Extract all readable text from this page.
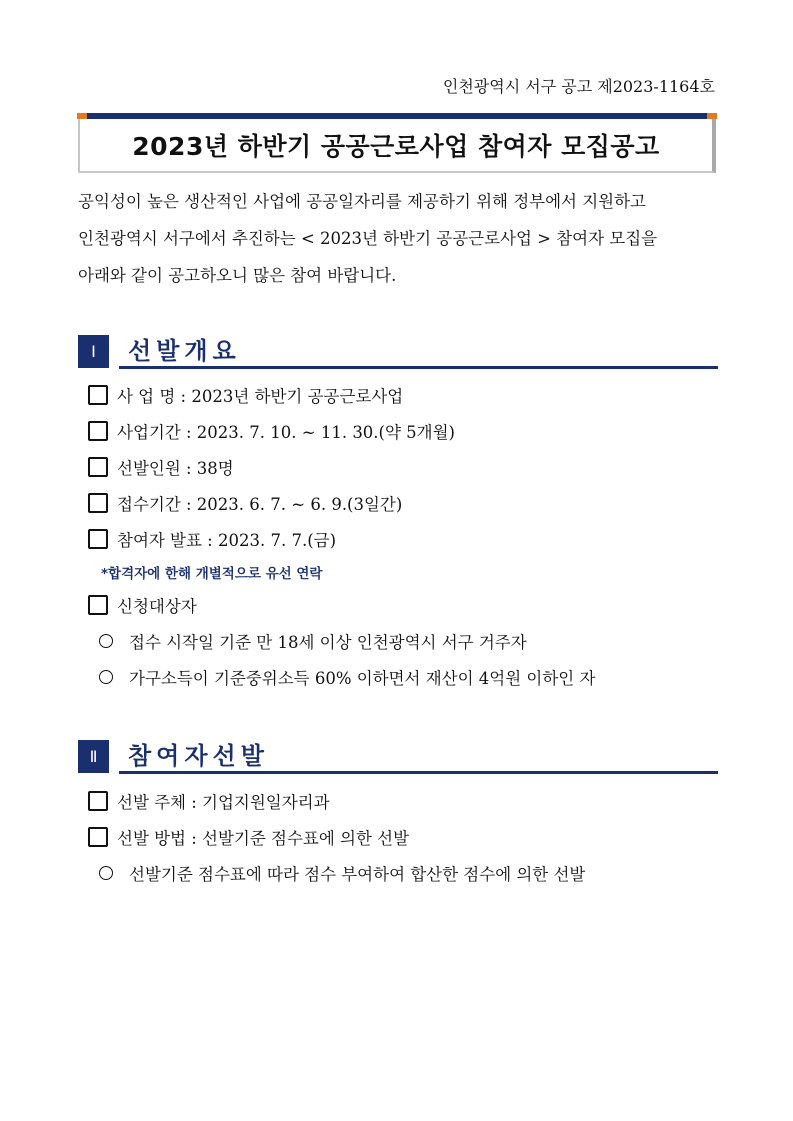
인천광역시 서구 공고 제2023-1164호
2023년 하반기 공공근로사업 참여자 모집공고

공익성이 높은 생산적인 사업에 공공일자리를 제공하기 위해 정부에서 지원하고

인천광역시 서구에서 추진하는 < 2023년 하반기 공공근로사업 > 참여자 모집을

아래와 같이 공고하오니 많은 참여 바랍니다.

Ⅰ	선발개요
사 업 명 : 2023년 하반기 공공근로사업
사업기간 : 2023. 7. 10. ~ 11. 30.(약 5개월)
선발인원 : 38명
접수기간 : 2023. 6. 7. ~ 6. 9.(3일간)
참여자 발표 : 2023. 7. 7.(금)
*합격자에 한해 개별적으로 유선 연락
신청대상자
접수 시작일 기준 만 18세 이상 인천광역시 서구 거주자
가구소득이 기준중위소득 60% 이하면서 재산이 4억원 이하인 자
Ⅱ	참여자선발
선발 주체 : 기업지원일자리과
선발 방법 : 선발기준 점수표에 의한 선발
선발기준 점수표에 따라 점수 부여하여 합산한 점수에 의한 선발
